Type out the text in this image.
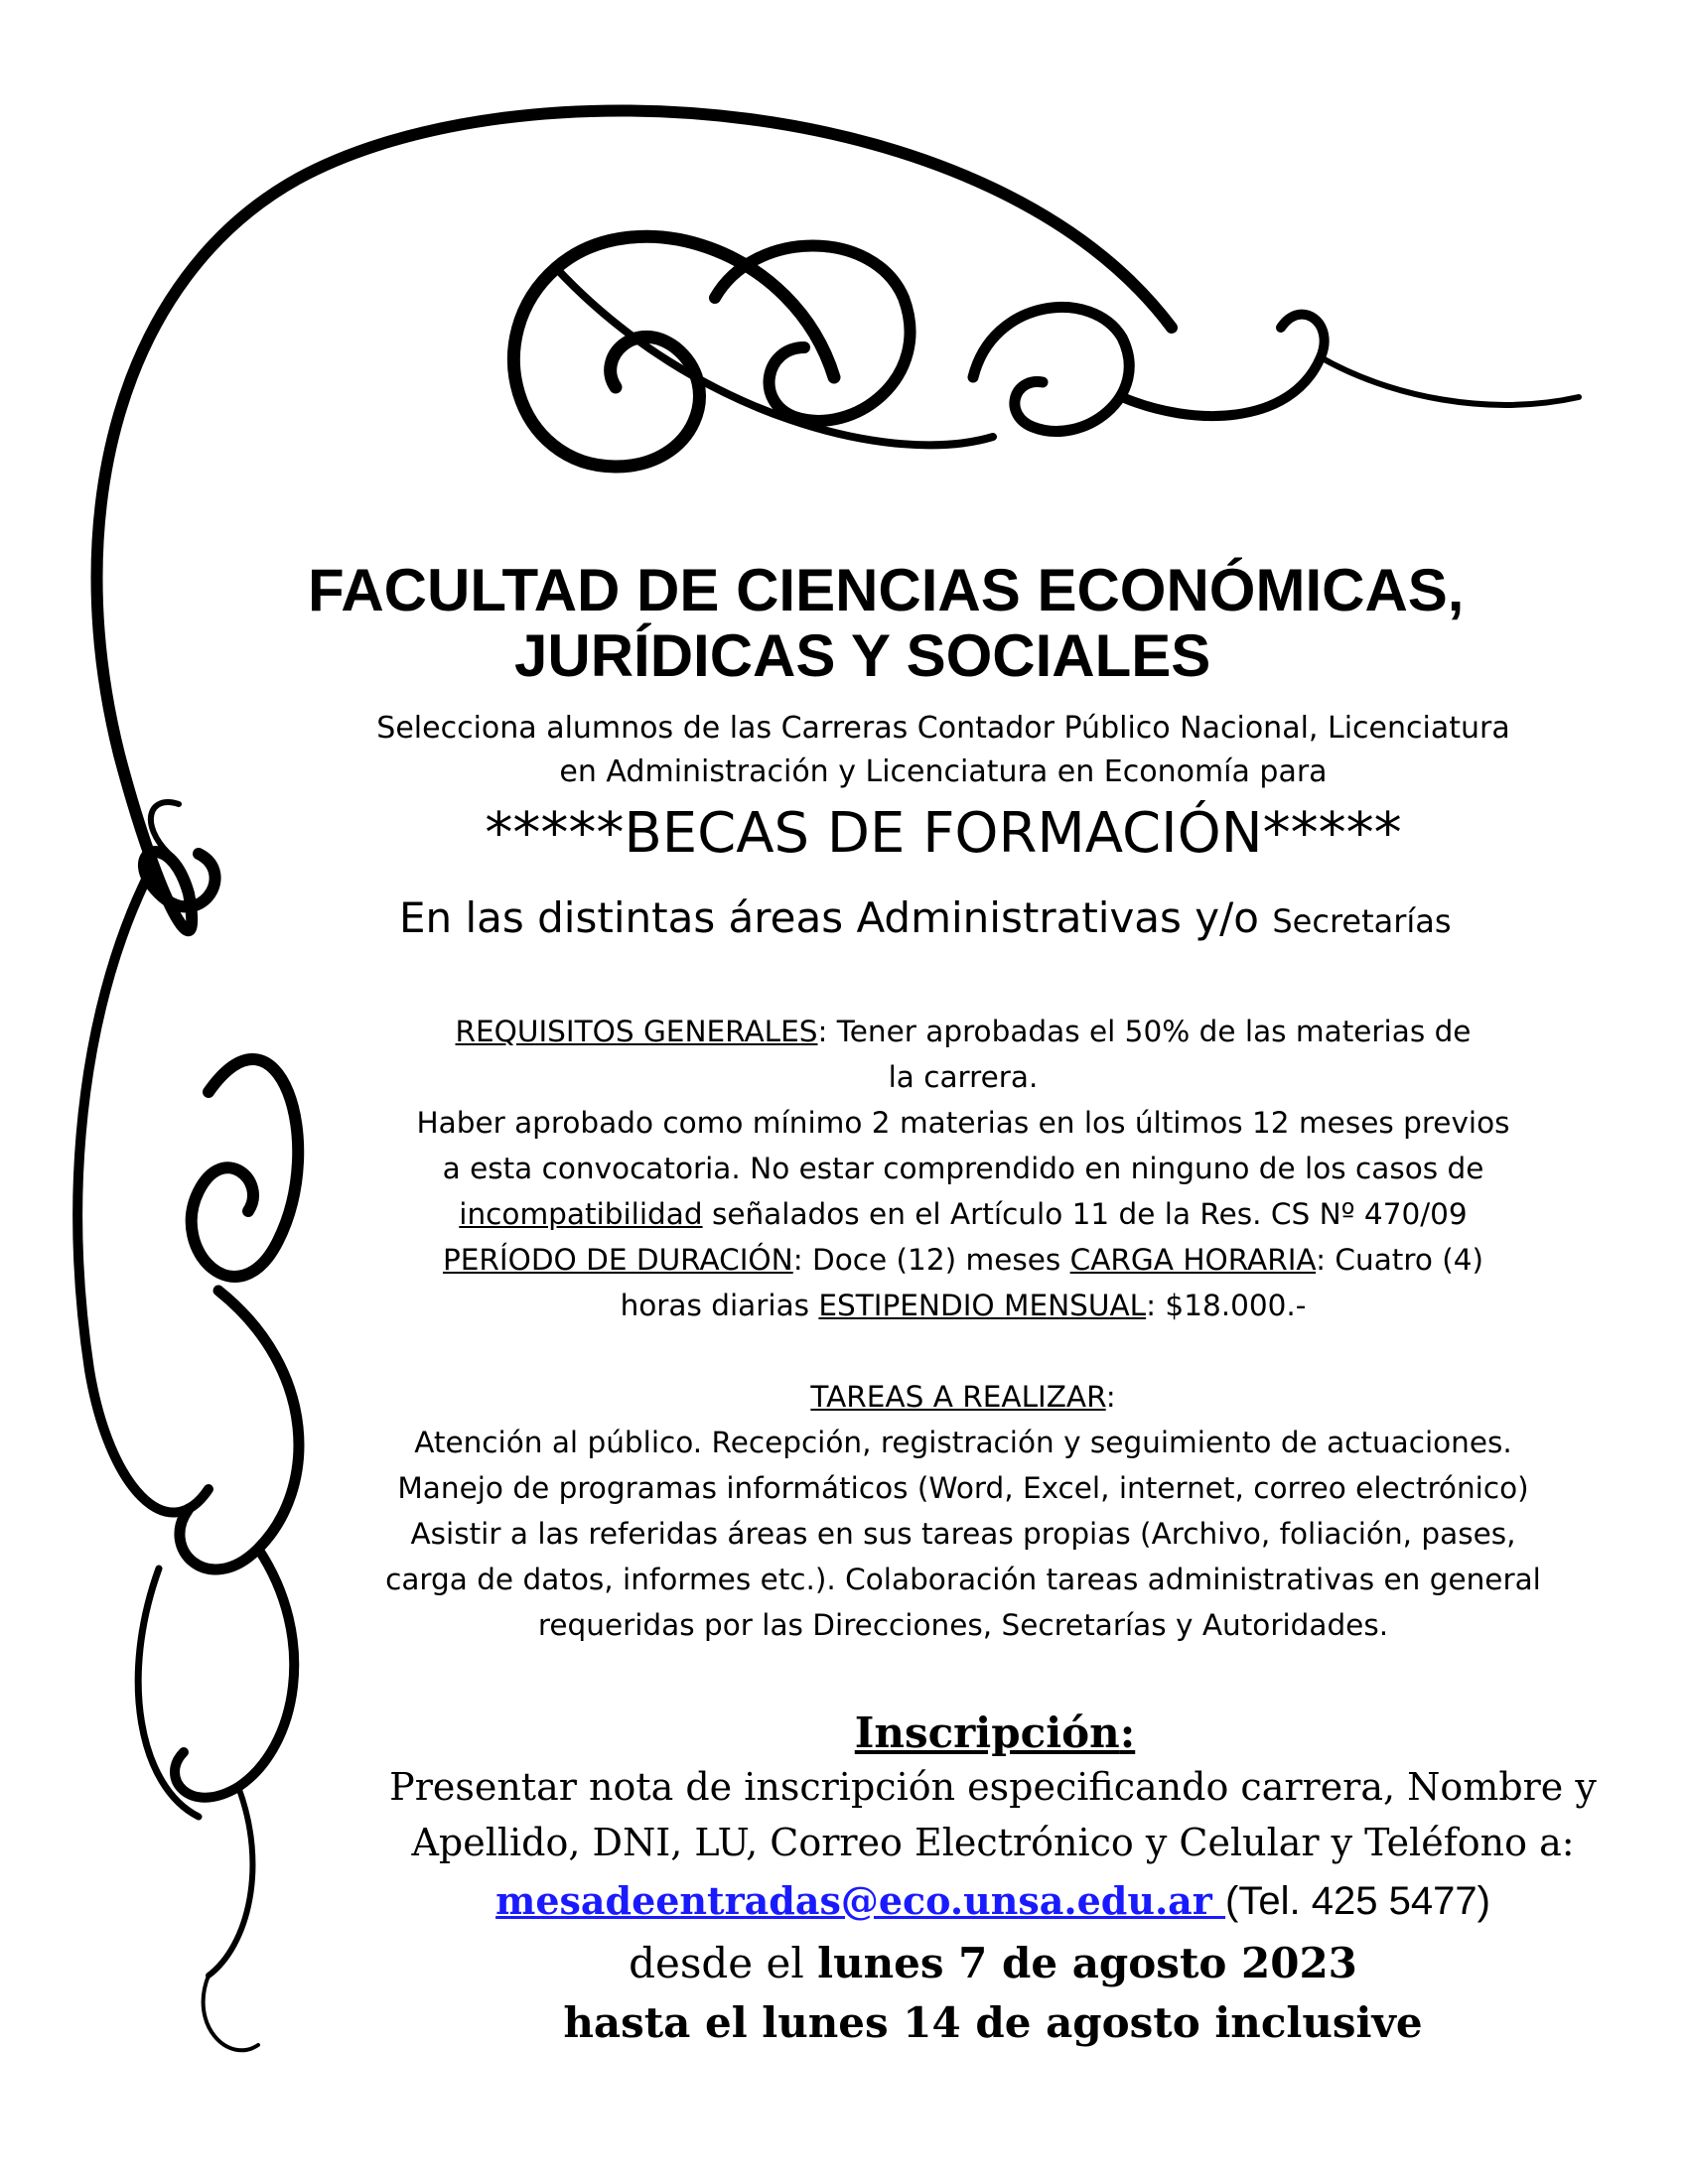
FACULTAD DE CIENCIAS ECONÓMICAS,
JURÍDICAS Y SOCIALES
Selecciona alumnos de las Carreras Contador Público Nacional, Licenciatura
en Administración y Licenciatura en Economía para
*****BECAS DE FORMACIÓN*****
En las distintas áreas Administrativas y/o Secretarías
REQUISITOS GENERALES: Tener aprobadas el 50% de las materias de
la carrera.
Haber aprobado como mínimo 2 materias en los últimos 12 meses previos
a esta convocatoria. No estar comprendido en ninguno de los casos de
incompatibilidad señalados en el Artículo 11 de la Res. CS Nº 470/09
PERÍODO DE DURACIÓN: Doce (12) meses CARGA HORARIA: Cuatro (4)
horas diarias ESTIPENDIO MENSUAL: $18.000.-
TAREAS A REALIZAR:
Atención al público. Recepción, registración y seguimiento de actuaciones.
Manejo de programas informáticos (Word, Excel, internet, correo electrónico)
Asistir a las referidas áreas en sus tareas propias (Archivo, foliación, pases,
carga de datos, informes etc.). Colaboración tareas administrativas en general
requeridas por las Direcciones, Secretarías y Autoridades.
Inscripción:
Presentar nota de inscripción especificando carrera, Nombre y
Apellido, DNI, LU, Correo Electrónico y Celular y Teléfono a:
mesadeentradas@eco.unsa.edu.ar (Tel. 425 5477)
desde el lunes 7 de agosto 2023
hasta el lunes 14 de agosto inclusive
